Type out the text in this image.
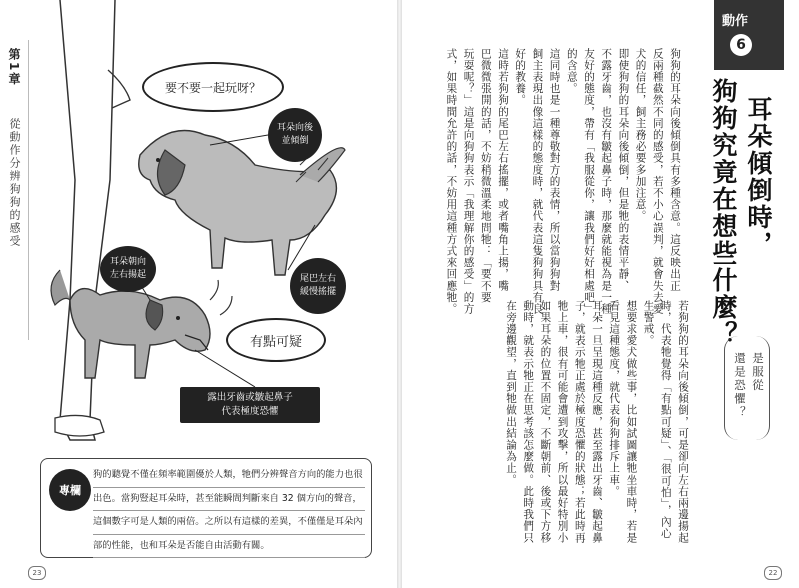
第1章
從動作分辨狗狗的感受
要不要一起玩呀？
有點可疑
耳朵向後
並傾倒
耳朵朝向
左右揚起	尾巴左右
緩慢搖擺
露出牙齒或皺起鼻子
代表極度恐懼
專欄
狗的聽覺不僅在頻率範圍優於人類，牠們分辨聲音方向的能力也很
出色。當狗豎起耳朵時，甚至能瞬間判斷來自 32 個方向的聲音，
這個數字可是人類的兩倍。之所以有這樣的差異，不僅僅是耳朵內
部的性能，也和耳朵是否能自由活動有關。
23
動作
6
耳朵傾倒時，
狗狗究竟在想些什麼？
是服從
還是恐懼？
22
狗狗的耳朵向後傾倒具有多種含意。這反映出正
反兩種截然不同的感受，若不小心誤判，就會失去愛
犬的信任，飼主務必要多加注意。
即使狗狗的耳朵向後傾倒，但是牠的表情平靜、
不露牙齒，也沒有皺起鼻子時，那麼就能視為是一種
友好的態度，帶有「我服從你，讓我們好好相處吧」
的含意。
這同時也是一種尊敬對方的表情，所以當狗狗對
飼主表現出像這樣的態度時，就代表這隻狗狗具有良
好的教養。
這時若狗狗的尾巴左右搖擺，或者嘴角上揚，嘴
巴微微張開的話，不妨稍微溫柔地問牠：「要不要
玩耍呢？」這是向狗狗表示「我理解你的感受」的方
式，如果時間允許的話，不妨用這種方式來回應牠。
若狗狗的耳朵向後傾倒，可是卻向左右兩邊揚起
時，代表牠覺得「有點可疑」、「很可怕」，內心
生警戒。
想要求愛犬做些事，比如試圖讓牠坐車時，若是
看見這種態度，就代表狗狗排斥上車。
耳朵一旦呈現這種反應，甚至露出牙齒、皺起鼻
子，就表示牠正處於極度恐懼的狀態；若此時再
牠上車，很有可能會遭到攻擊，所以最好特別小
如果耳朵的位置不固定，不斷朝前、後或下方移
動時，就表示牠正在思考該怎麼做。此時我們只
在旁邊觀望，直到牠做出結論為止。
